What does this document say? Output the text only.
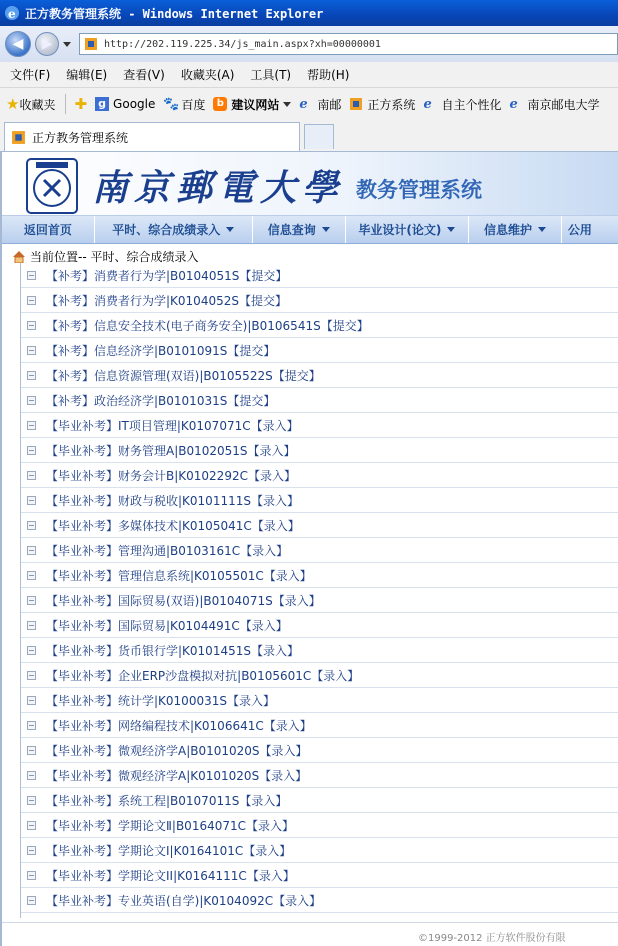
e 正方教务管理系统 - Windows Internet Explorer
◀	▶	http://202.119.225.34/js_main.aspx?xh=00000001
文件(F) 编辑(E) 查看(V) 收藏夹(A) 工具(T) 帮助(H)
★ 收藏夹 ✚ g Google 🐾 百度	b 建议网站 e 南邮 正方系统 e 自主个性化 e 南京邮电大学
正方教务管理系统
南京郵電大學 教务管理系统
返回首页	平时、综合成绩录入	信息查询	毕业设计(论文)	信息维护	公用
当前位置 -- 平时、综合成绩录入
【补考】消费者行为学|B0104051S【提交】
【补考】消费者行为学|K0104052S【提交】
【补考】信息安全技术(电子商务安全)|B0106541S【提交】
【补考】信息经济学|B0101091S【提交】
【补考】信息资源管理(双语)|B0105522S【提交】
【补考】政治经济学|B0101031S【提交】
【毕业补考】IT项目管理|K0107071C【录入】
【毕业补考】财务管理A|B0102051S【录入】
【毕业补考】财务会计B|K0102292C【录入】
【毕业补考】财政与税收|K0101111S【录入】
【毕业补考】多媒体技术|K0105041C【录入】
【毕业补考】管理沟通|B0103161C【录入】
【毕业补考】管理信息系统|K0105501C【录入】
【毕业补考】国际贸易(双语)|B0104071S【录入】
【毕业补考】国际贸易|K0104491C【录入】
【毕业补考】货币银行学|K0101451S【录入】
【毕业补考】企业ERP沙盘模拟对抗|B0105601C【录入】
【毕业补考】统计学|K0100031S【录入】
【毕业补考】网络编程技术|K0106641C【录入】
【毕业补考】微观经济学A|B0101020S【录入】
【毕业补考】微观经济学A|K0101020S【录入】
【毕业补考】系统工程|B0107011S【录入】
【毕业补考】学期论文Ⅱ|B0164071C【录入】
【毕业补考】学期论文I|K0164101C【录入】
【毕业补考】学期论文II|K0164111C【录入】
【毕业补考】专业英语(自学)|K0104092C【录入】
©1999-2012 正方软件股份有限
